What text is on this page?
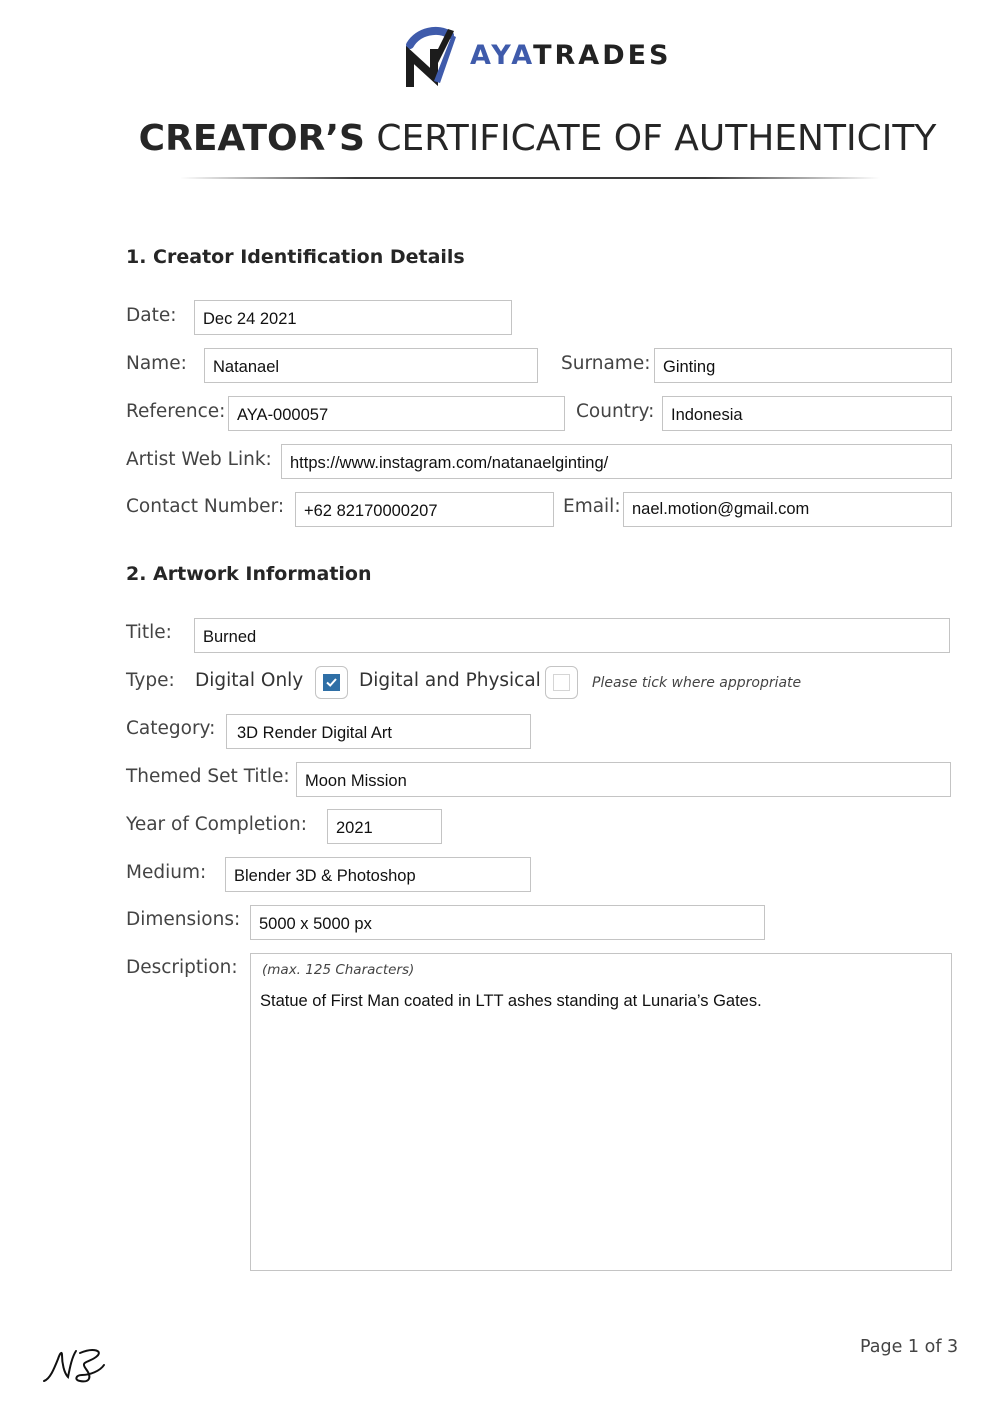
AYATRADES
CREATOR’S CERTIFICATE OF AUTHENTICITY
1. Creator Identification Details
Date:	Dec 24 2021
Name:	Natanael	Surname: Ginting
Reference: AYA-000057	Country:	Indonesia
Artist Web Link:	https://www.instagram.com/natanaelginting/
Contact Number:	+62 82170000207	Email: nael.motion@gmail.com
2. Artwork Information
Title:	Burned
Type: Digital Only	Digital and Physical	Please tick where appropriate
Category:	3D Render Digital Art
Themed Set Title: Moon Mission
Year of Completion:	2021
Medium:	Blender 3D & Photoshop
Dimensions:	5000 x 5000 px
Description: (max. 125 Characters)
Statue of First Man coated in LTT ashes standing at Lunaria’s Gates.
Page 1 of 3
